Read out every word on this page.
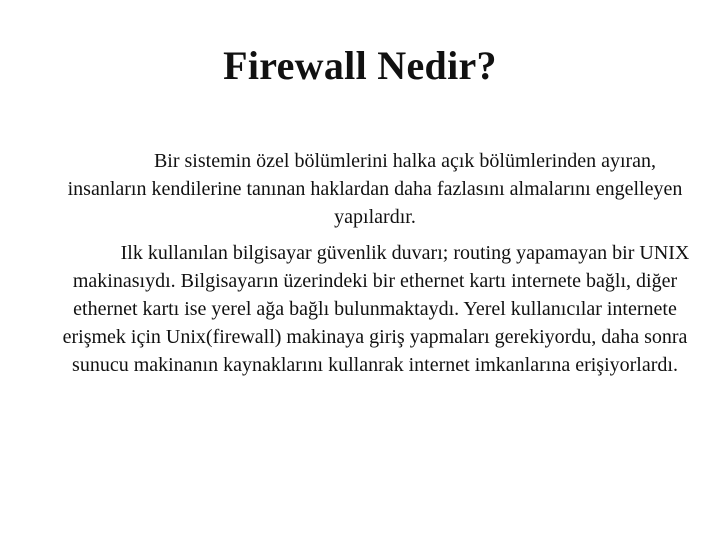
Firewall Nedir?

Bir sistemin özel bölümlerini halka açık bölümlerinden ayıran, insanların kendilerine tanınan haklardan daha fazlasını almalarını engelleyen yapılardır.

Ilk kullanılan bilgisayar güvenlik duvarı; routing yapamayan bir UNIX makinasıydı. Bilgisayarın üzerindeki bir ethernet kartı internete bağlı, diğer ethernet kartı ise yerel ağa bağlı bulunmaktaydı. Yerel kullanıcılar internete erişmek için Unix(firewall) makinaya giriş yapmaları gerekiyordu, daha sonra sunucu makinanın kaynaklarını kullanrak internet imkanlarına erişiyorlardı.
